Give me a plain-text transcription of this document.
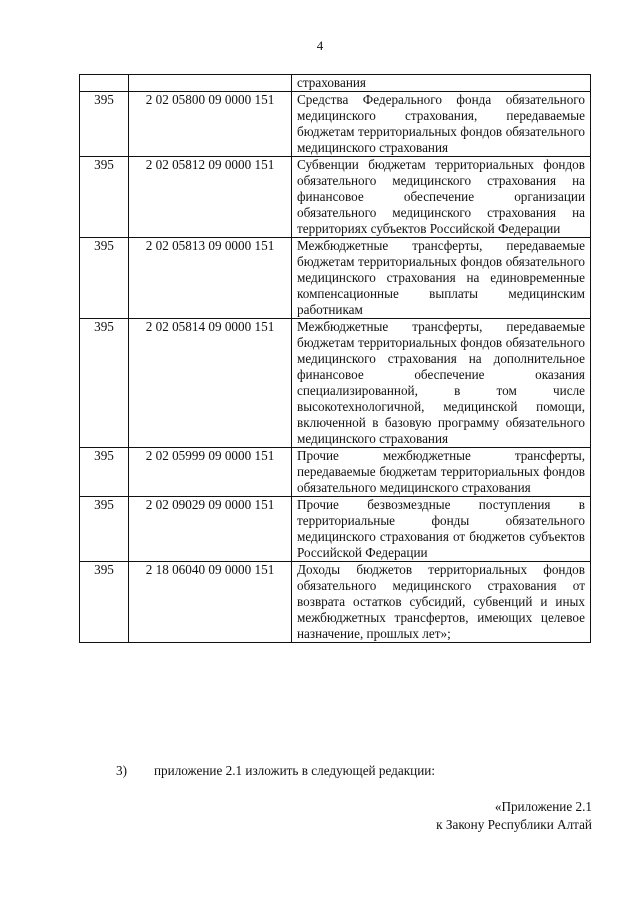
4

		страхования

395	2 02 05800 09 0000 151	Средства Федерального фонда обязательного медицинского страхования, передаваемые бюджетам территориальных фондов обязательного медицинского страхования

395	2 02 05812 09 0000 151	Субвенции бюджетам территориальных фондов обязательного медицинского страхования на финансовое обеспечение организации обязательного медицинского страхования на территориях субъектов Российской Федерации

395	2 02 05813 09 0000 151	Межбюджетные трансферты, передаваемые бюджетам территориальных фондов обязательного медицинского страхования на единовременные компенсационные выплаты медицинским работникам

395	2 02 05814 09 0000 151	Межбюджетные трансферты, передаваемые бюджетам территориальных фондов обязательного медицинского страхования на дополнительное финансовое обеспечение оказания специализированной, в том числе высокотехнологичной, медицинской помощи, включенной в базовую программу обязательного медицинского страхования

395	2 02 05999 09 0000 151	Прочие межбюджетные трансферты, передаваемые бюджетам территориальных фондов обязательного медицинского страхования

395	2 02 09029 09 0000 151	Прочие безвозмездные поступления в территориальные фонды обязательного медицинского страхования от бюджетов субъектов Российской Федерации

395	2 18 06040 09 0000 151	Доходы бюджетов территориальных фондов обязательного медицинского страхования от возврата остатков субсидий, субвенций и иных межбюджетных трансфертов, имеющих целевое назначение, прошлых лет»;
3) приложение 2.1 изложить в следующей редакции:
«Приложение 2.1
к Закону Республики Алтай
